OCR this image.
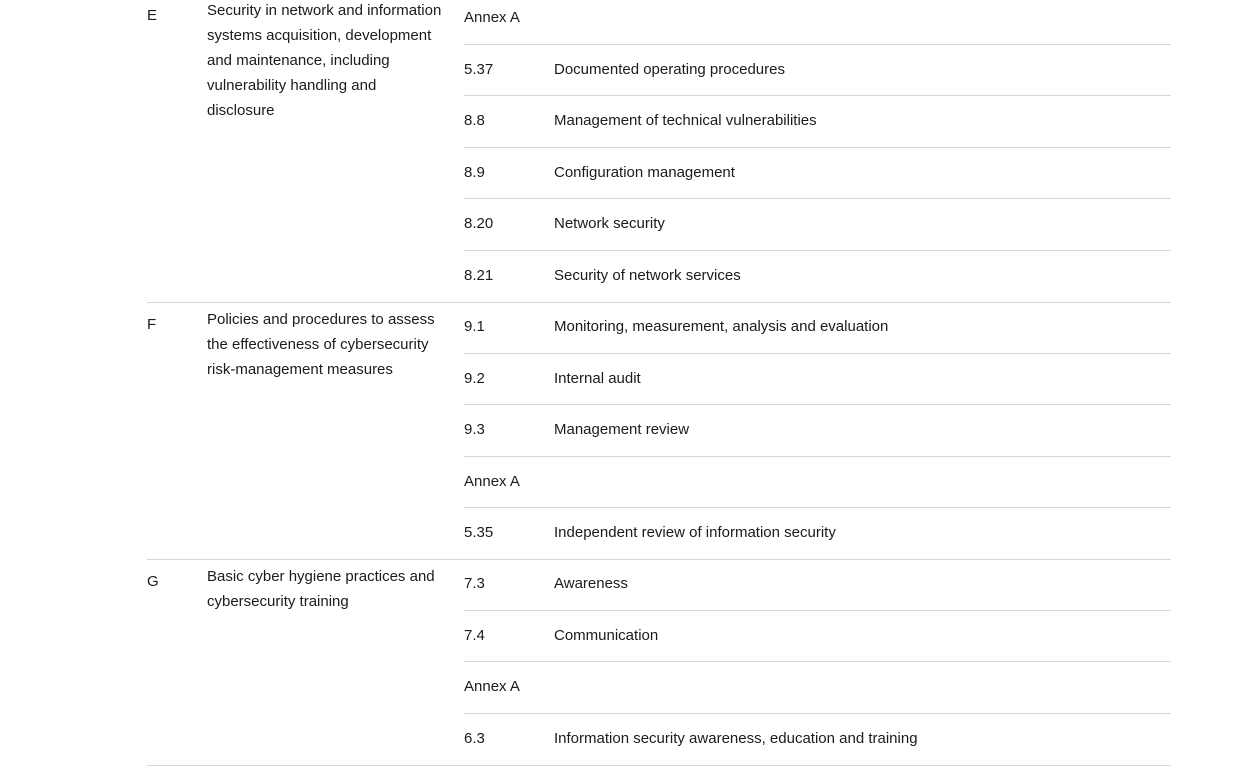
E	Security in network and information systems acquisition, development and maintenance, including vulnerability handling and disclosure
Annex A
5.37	Documented operating procedures
8.8	Management of technical vulnerabilities
8.9	Configuration management
8.20	Network security
8.21	Security of network services
F	Policies and procedures to assess the effectiveness of cybersecurity risk-management measures
9.1	Monitoring, measurement, analysis and evaluation
9.2	Internal audit
9.3	Management review
Annex A
5.35	Independent review of information security
G	Basic cyber hygiene practices and cybersecurity training
7.3	Awareness
7.4	Communication
Annex A
6.3	Information security awareness, education and training
